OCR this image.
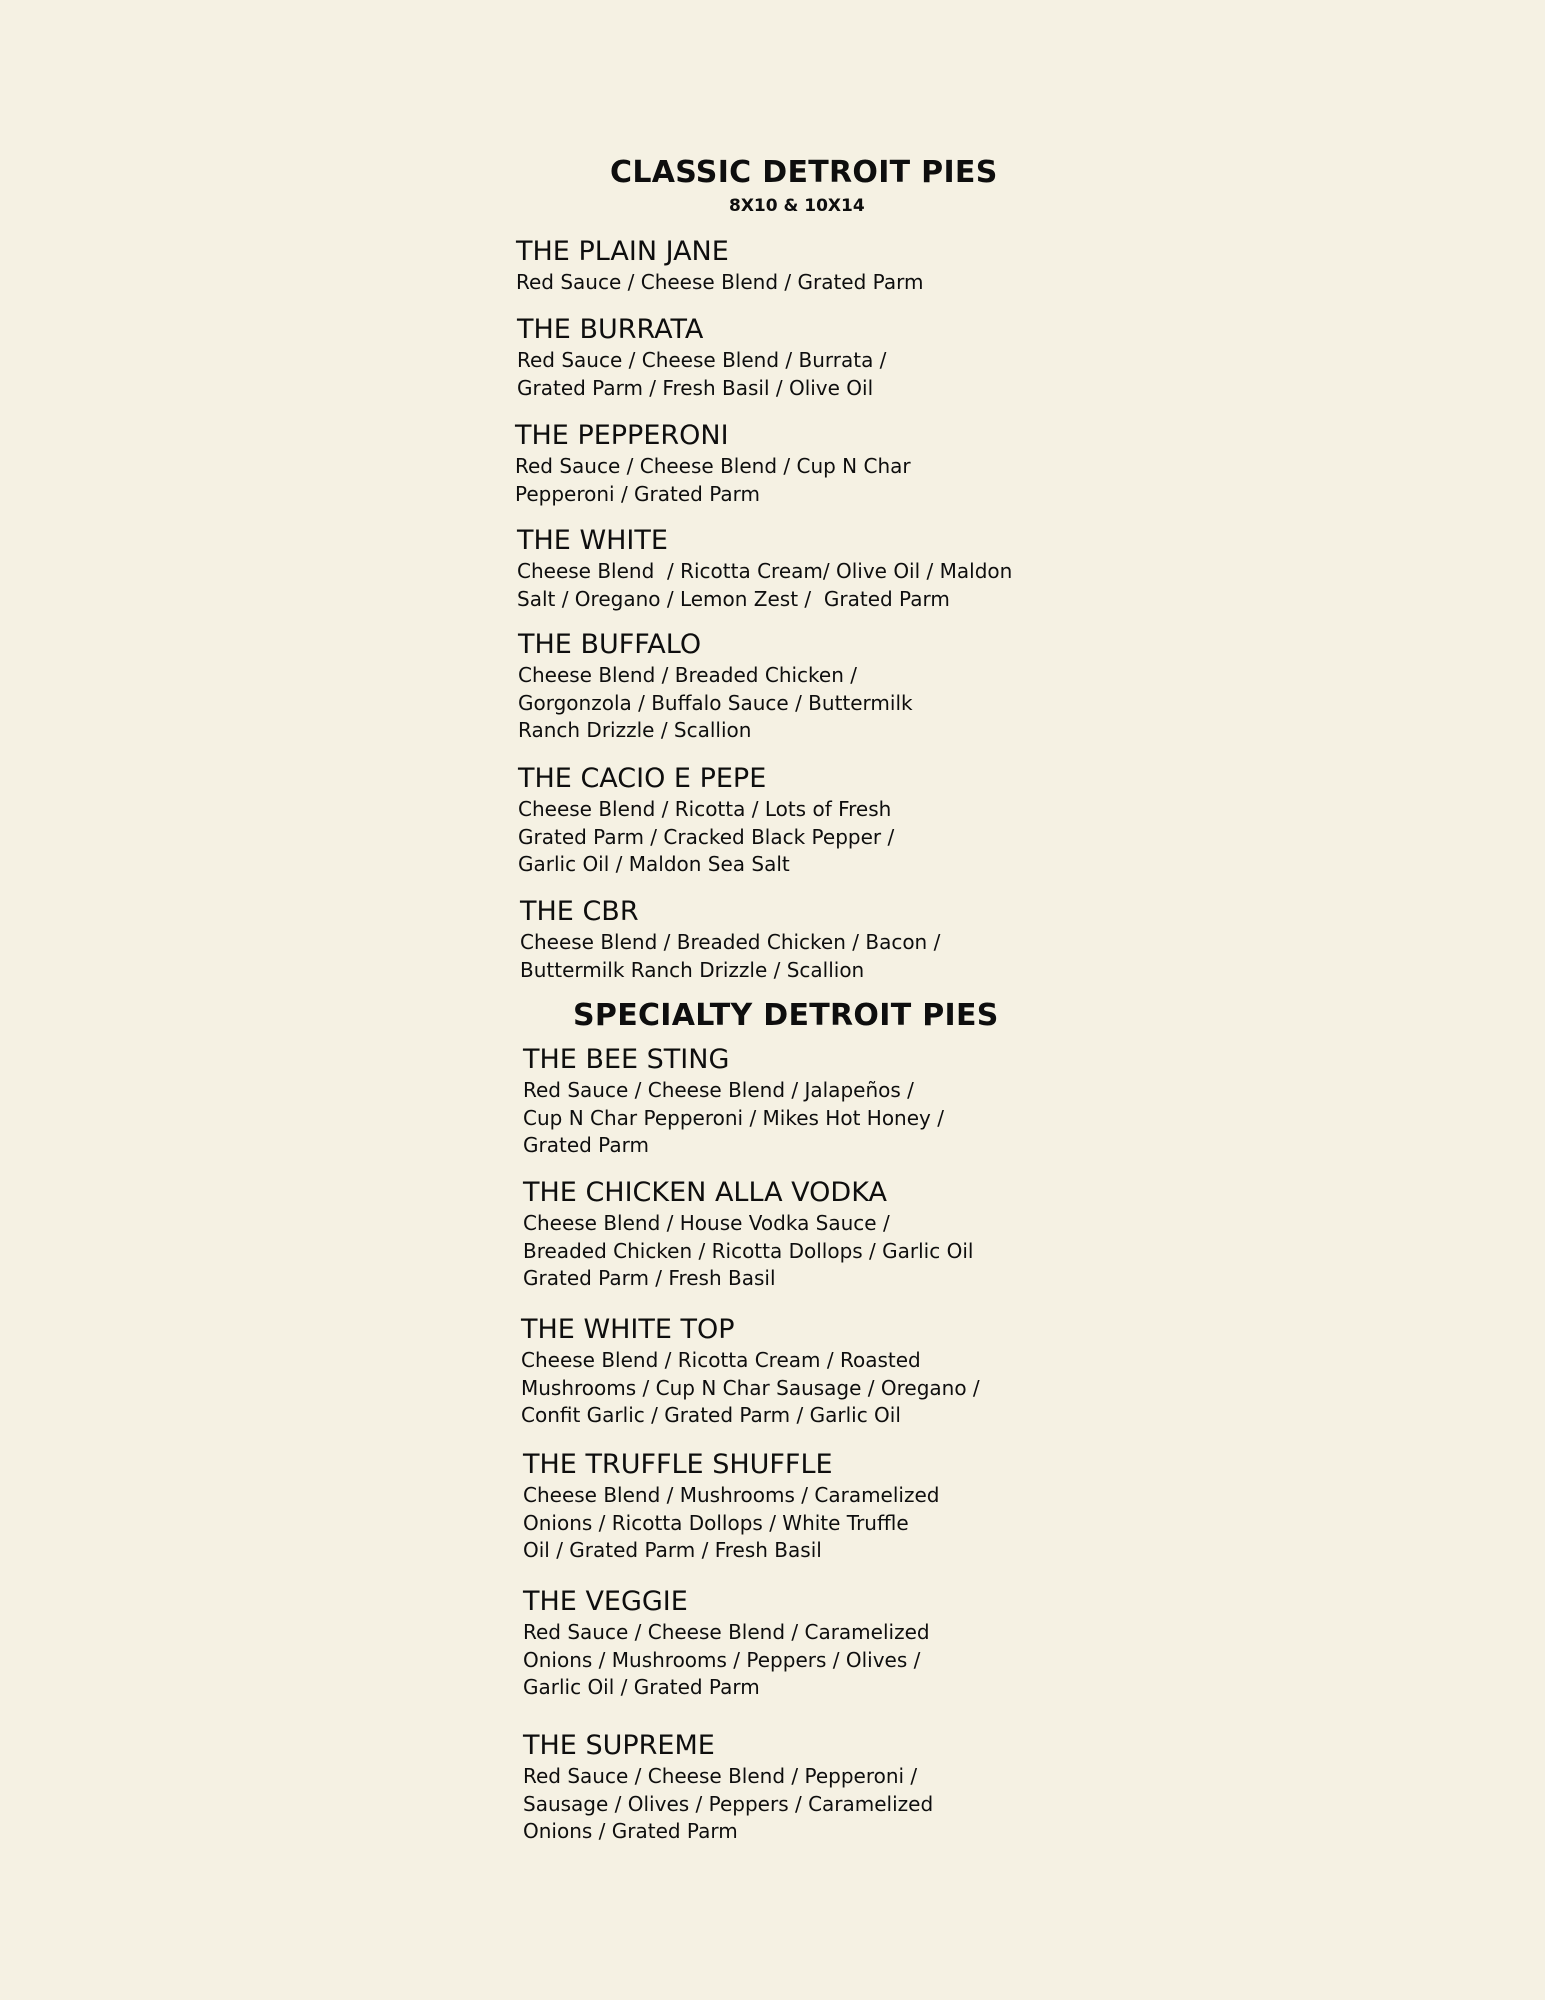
CLASSIC DETROIT PIES
8X10 & 10X14
THE PLAIN JANE

Red Sauce / Cheese Blend / Grated Parm

THE BURRATA

Red Sauce / Cheese Blend / Burrata /
Grated Parm / Fresh Basil / Olive Oil

THE PEPPERONI

Red Sauce / Cheese Blend / Cup N Char
Pepperoni / Grated Parm

THE WHITE

Cheese Blend  / Ricotta Cream/ Olive Oil / Maldon
Salt / Oregano / Lemon Zest /  Grated Parm

THE BUFFALO

Cheese Blend / Breaded Chicken /
Gorgonzola / Buffalo Sauce / Buttermilk
Ranch Drizzle / Scallion

THE CACIO E PEPE

Cheese Blend / Ricotta / Lots of Fresh
Grated Parm / Cracked Black Pepper /
Garlic Oil / Maldon Sea Salt

THE CBR

Cheese Blend / Breaded Chicken / Bacon /
Buttermilk Ranch Drizzle / Scallion

SPECIALTY DETROIT PIES
THE BEE STING

Red Sauce / Cheese Blend / Jalapeños /
Cup N Char Pepperoni / Mikes Hot Honey /
Grated Parm

THE CHICKEN ALLA VODKA

Cheese Blend / House Vodka Sauce /
Breaded Chicken / Ricotta Dollops / Garlic Oil
Grated Parm / Fresh Basil

THE WHITE TOP

Cheese Blend / Ricotta Cream / Roasted
Mushrooms / Cup N Char Sausage / Oregano /
Confit Garlic / Grated Parm / Garlic Oil

THE TRUFFLE SHUFFLE

Cheese Blend / Mushrooms / Caramelized
Onions / Ricotta Dollops / White Truffle
Oil / Grated Parm / Fresh Basil

THE VEGGIE

Red Sauce / Cheese Blend / Caramelized
Onions / Mushrooms / Peppers / Olives /
Garlic Oil / Grated Parm

THE SUPREME

Red Sauce / Cheese Blend / Pepperoni /
Sausage / Olives / Peppers / Caramelized
Onions / Grated Parm
